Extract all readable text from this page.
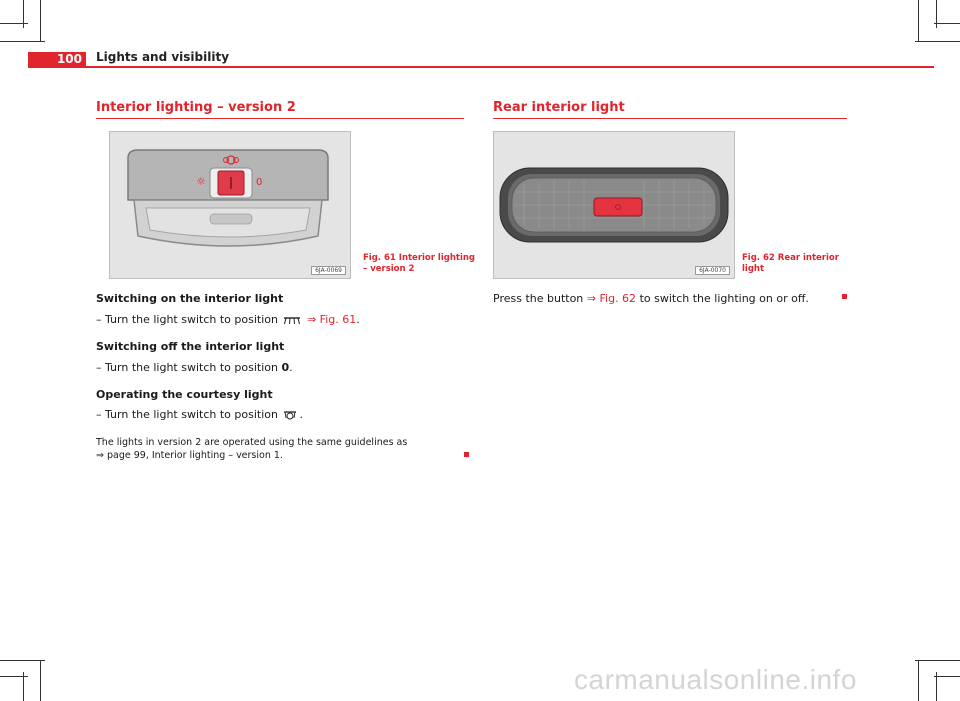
100	Lights and visibility
Interior lighting – version 2
☼	0
6JA-0069
Fig. 61 Interior lighting
– version 2
Switching on the interior light
– Turn the light switch to position	⇒ Fig. 61.
Switching off the interior light
– Turn the light switch to position 0.
Operating the courtesy light
– Turn the light switch to position .
The lights in version 2 are operated using the same guidelines as
⇒ page 99, Interior lighting – version 1.
Rear interior light
6JA-0070
Fig. 62 Rear interior
light
Press the button ⇒ Fig. 62 to switch the lighting on or off.
carmanualsonline.info
